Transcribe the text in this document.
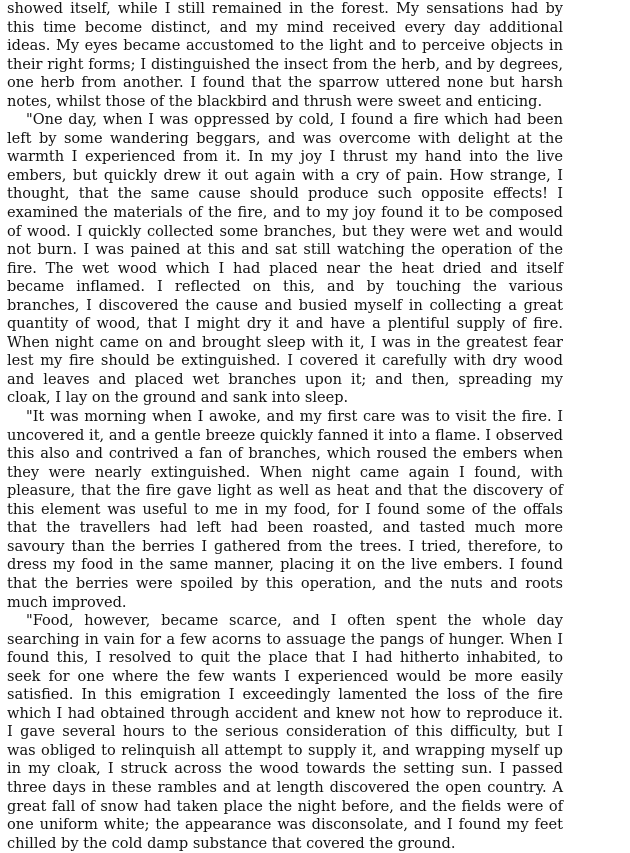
showed itself, while I still remained in the forest. My sensations had by this time become distinct, and my mind received every day additional ideas. My eyes became accustomed to the light and to perceive objects in their right forms; I distinguished the insect from the herb, and by degrees, one herb from another. I found that the sparrow uttered none but harsh notes, whilst those of the blackbird and thrush were sweet and enticing.

"One day, when I was oppressed by cold, I found a fire which had been left by some wandering beggars, and was overcome with delight at the warmth I experienced from it. In my joy I thrust my hand into the live embers, but quickly drew it out again with a cry of pain. How strange, I thought, that the same cause should produce such opposite effects! I examined the materials of the fire, and to my joy found it to be composed of wood. I quickly collected some branches, but they were wet and would not burn. I was pained at this and sat still watching the operation of the fire. The wet wood which I had placed near the heat dried and itself became inflamed. I reflected on this, and by touching the various branches, I discovered the cause and busied myself in collecting a great quantity of wood, that I might dry it and have a plentiful supply of fire. When night came on and brought sleep with it, I was in the greatest fear lest my fire should be extinguished. I covered it carefully with dry wood and leaves and placed wet branches upon it; and then, spreading my cloak, I lay on the ground and sank into sleep.

"It was morning when I awoke, and my first care was to visit the fire. I uncovered it, and a gentle breeze quickly fanned it into a flame. I observed this also and contrived a fan of branches, which roused the embers when they were nearly extinguished. When night came again I found, with pleasure, that the fire gave light as well as heat and that the discovery of this element was useful to me in my food, for I found some of the offals that the travellers had left had been roasted, and tasted much more savoury than the berries I gathered from the trees. I tried, therefore, to dress my food in the same manner, placing it on the live embers. I found that the berries were spoiled by this operation, and the nuts and roots much improved.

"Food, however, became scarce, and I often spent the whole day searching in vain for a few acorns to assuage the pangs of hunger. When I found this, I resolved to quit the place that I had hitherto inhabited, to seek for one where the few wants I experienced would be more easily satisfied. In this emigration I exceedingly lamented the loss of the fire which I had obtained through accident and knew not how to reproduce it. I gave several hours to the serious consideration of this difficulty, but I was obliged to relinquish all attempt to supply it, and wrapping myself up in my cloak, I struck across the wood towards the setting sun. I passed three days in these rambles and at length discovered the open country. A great fall of snow had taken place the night before, and the fields were of one uniform white; the appearance was disconsolate, and I found my feet chilled by the cold damp substance that covered the ground.
